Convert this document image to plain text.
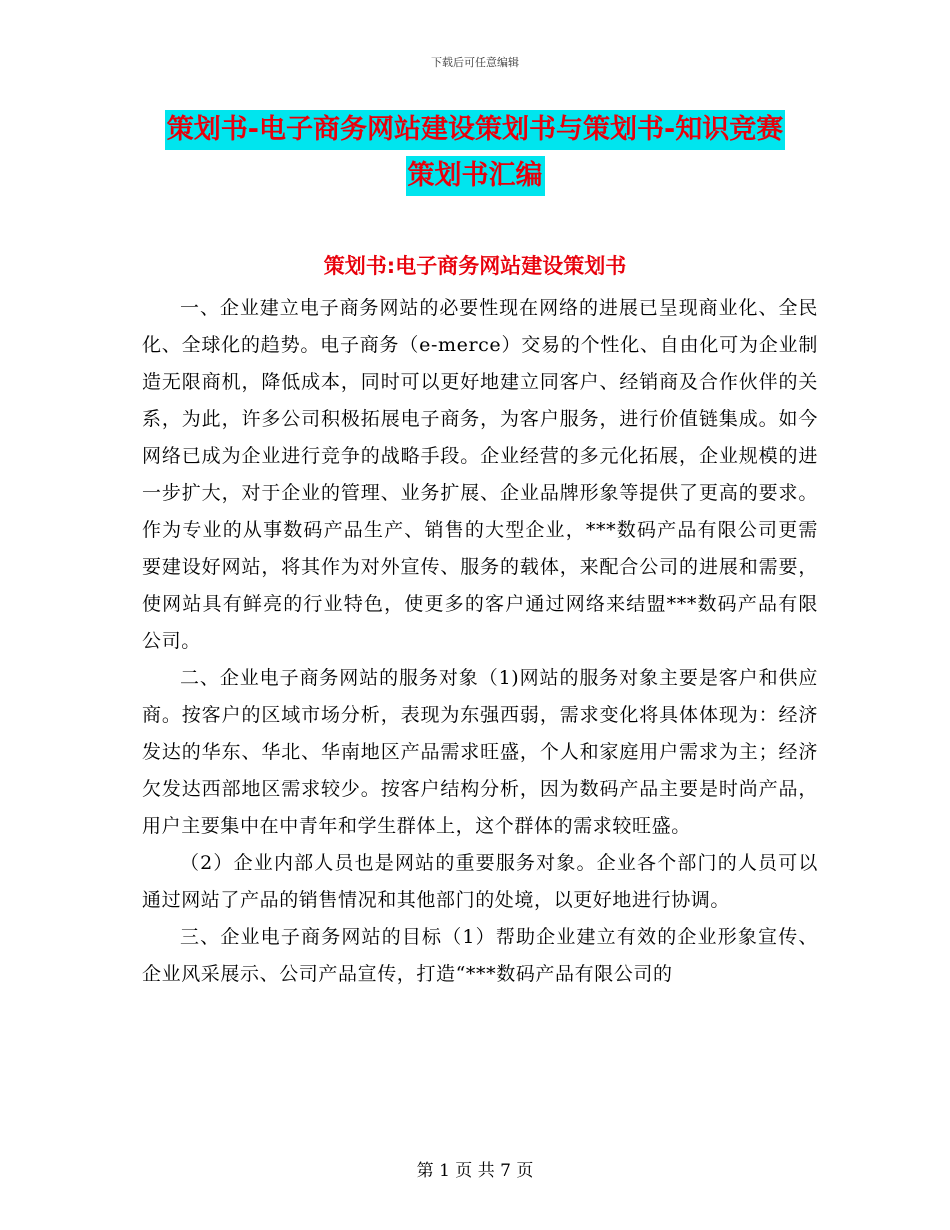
下载后可任意编辑
策划书-电子商务网站建设策划书与策划书-知识竞赛
策划书汇编
策划书:电子商务网站建设策划书

一、企业建立电子商务网站的必要性现在网络的进展已呈现商业化、全民化、全球化的趋势。电子商务（e-merce）交易的个性化、自由化可为企业制造无限商机，降低成本，同时可以更好地建立同客户、经销商及合作伙伴的关系，为此，许多公司积极拓展电子商务，为客户服务，进行价值链集成。如今网络已成为企业进行竞争的战略手段。企业经营的多元化拓展，企业规模的进一步扩大，对于企业的管理、业务扩展、企业品牌形象等提供了更高的要求。作为专业的从事数码产品生产、销售的大型企业，***数码产品有限公司更需要建设好网站，将其作为对外宣传、服务的载体，来配合公司的进展和需要，使网站具有鲜亮的行业特色，使更多的客户通过网络来结盟***数码产品有限公司。

二、企业电子商务网站的服务对象（1)网站的服务对象主要是客户和供应商。按客户的区域市场分析，表现为东强西弱，需求变化将具体体现为：经济发达的华东、华北、华南地区产品需求旺盛，个人和家庭用户需求为主；经济欠发达西部地区需求较少。按客户结构分析，因为数码产品主要是时尚产品，用户主要集中在中青年和学生群体上，这个群体的需求较旺盛。

（2）企业内部人员也是网站的重要服务对象。企业各个部门的人员可以通过网站了产品的销售情况和其他部门的处境，以更好地进行协调。

三、企业电子商务网站的目标（1）帮助企业建立有效的企业形象宣传、企业风采展示、公司产品宣传，打造“***数码产品有限公司的

第 1 页 共 7 页
